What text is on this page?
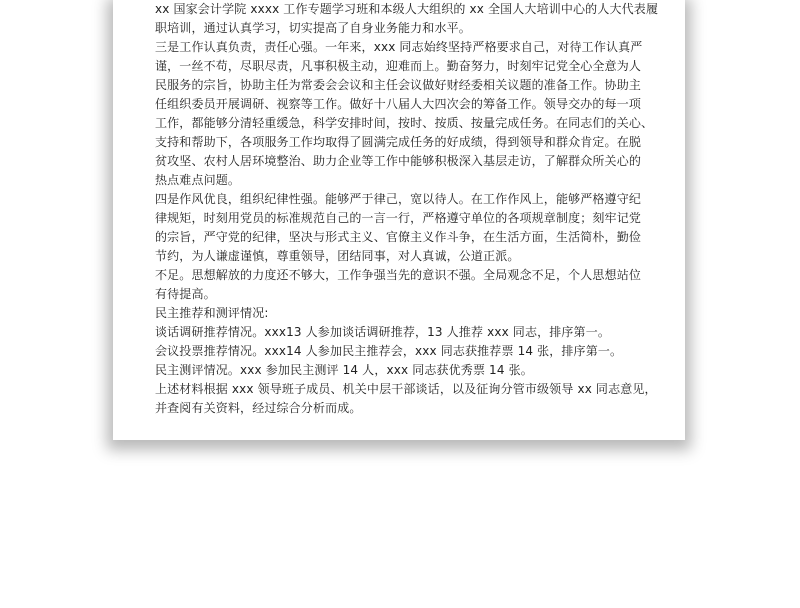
xx 国家会计学院 xxxx 工作专题学习班和本级人大组织的 xx 全国人大培训中心的人大代表履
职培训，通过认真学习，切实提高了自身业务能力和水平。
三是工作认真负责，责任心强。一年来，xxx 同志始终坚持严格要求自己，对待工作认真严
谨，一丝不苟，尽职尽责，凡事积极主动，迎难而上。勤奋努力，时刻牢记党全心全意为人
民服务的宗旨，协助主任为常委会会议和主任会议做好财经委相关议题的准备工作。协助主
任组织委员开展调研、视察等工作。做好十八届人大四次会的筹备工作。领导交办的每一项
工作，都能够分清轻重缓急，科学安排时间，按时、按质、按量完成任务。在同志们的关心、
支持和帮助下，各项服务工作均取得了圆满完成任务的好成绩，得到领导和群众肯定。在脱
贫攻坚、农村人居环境整治、助力企业等工作中能够积极深入基层走访，了解群众所关心的
热点难点问题。
四是作风优良，组织纪律性强。能够严于律己，宽以待人。在工作作风上，能够严格遵守纪
律规矩，时刻用党员的标准规范自己的一言一行，严格遵守单位的各项规章制度；刻牢记党
的宗旨，严守党的纪律，坚决与形式主义、官僚主义作斗争，在生活方面，生活简朴，勤俭
节约，为人谦虚谨慎，尊重领导，团结同事，对人真诚，公道正派。
不足。思想解放的力度还不够大，工作争强当先的意识不强。全局观念不足，个人思想站位
有待提高。
民主推荐和测评情况:
谈话调研推荐情况。xxx13 人参加谈话调研推荐，13 人推荐 xxx 同志，排序第一。
会议投票推荐情况。xxx14 人参加民主推荐会，xxx 同志获推荐票 14 张，排序第一。
民主测评情况。xxx 参加民主测评 14 人，xxx 同志获优秀票 14 张。
上述材料根据 xxx 领导班子成员、机关中层干部谈话，以及征询分管市级领导 xx 同志意见，
并查阅有关资料，经过综合分析而成。
